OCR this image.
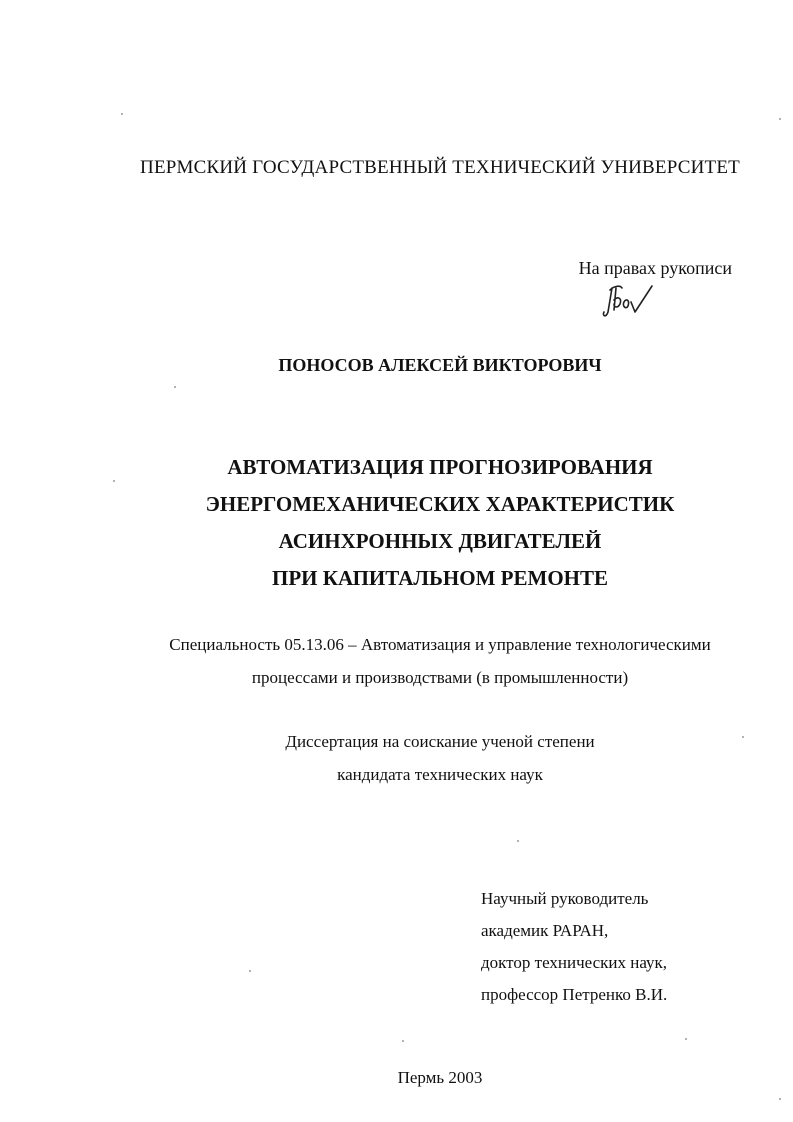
ПЕРМСКИЙ ГОСУДАРСТВЕННЫЙ ТЕХНИЧЕСКИЙ УНИВЕРСИТЕТ
На правах рукописи
ПОНОСОВ АЛЕКСЕЙ ВИКТОРОВИЧ
АВТОМАТИЗАЦИЯ ПРОГНОЗИРОВАНИЯ
ЭНЕРГОМЕХАНИЧЕСКИХ ХАРАКТЕРИСТИК
АСИНХРОННЫХ ДВИГАТЕЛЕЙ
ПРИ КАПИТАЛЬНОМ РЕМОНТЕ
Специальность 05.13.06 – Автоматизация и управление технологическими
процессами и производствами (в промышленности)
Диссертация на соискание ученой степени
кандидата технических наук
Научный руководитель
академик РАРАН,
доктор технических наук,
профессор Петренко В.И.
Пермь 2003
